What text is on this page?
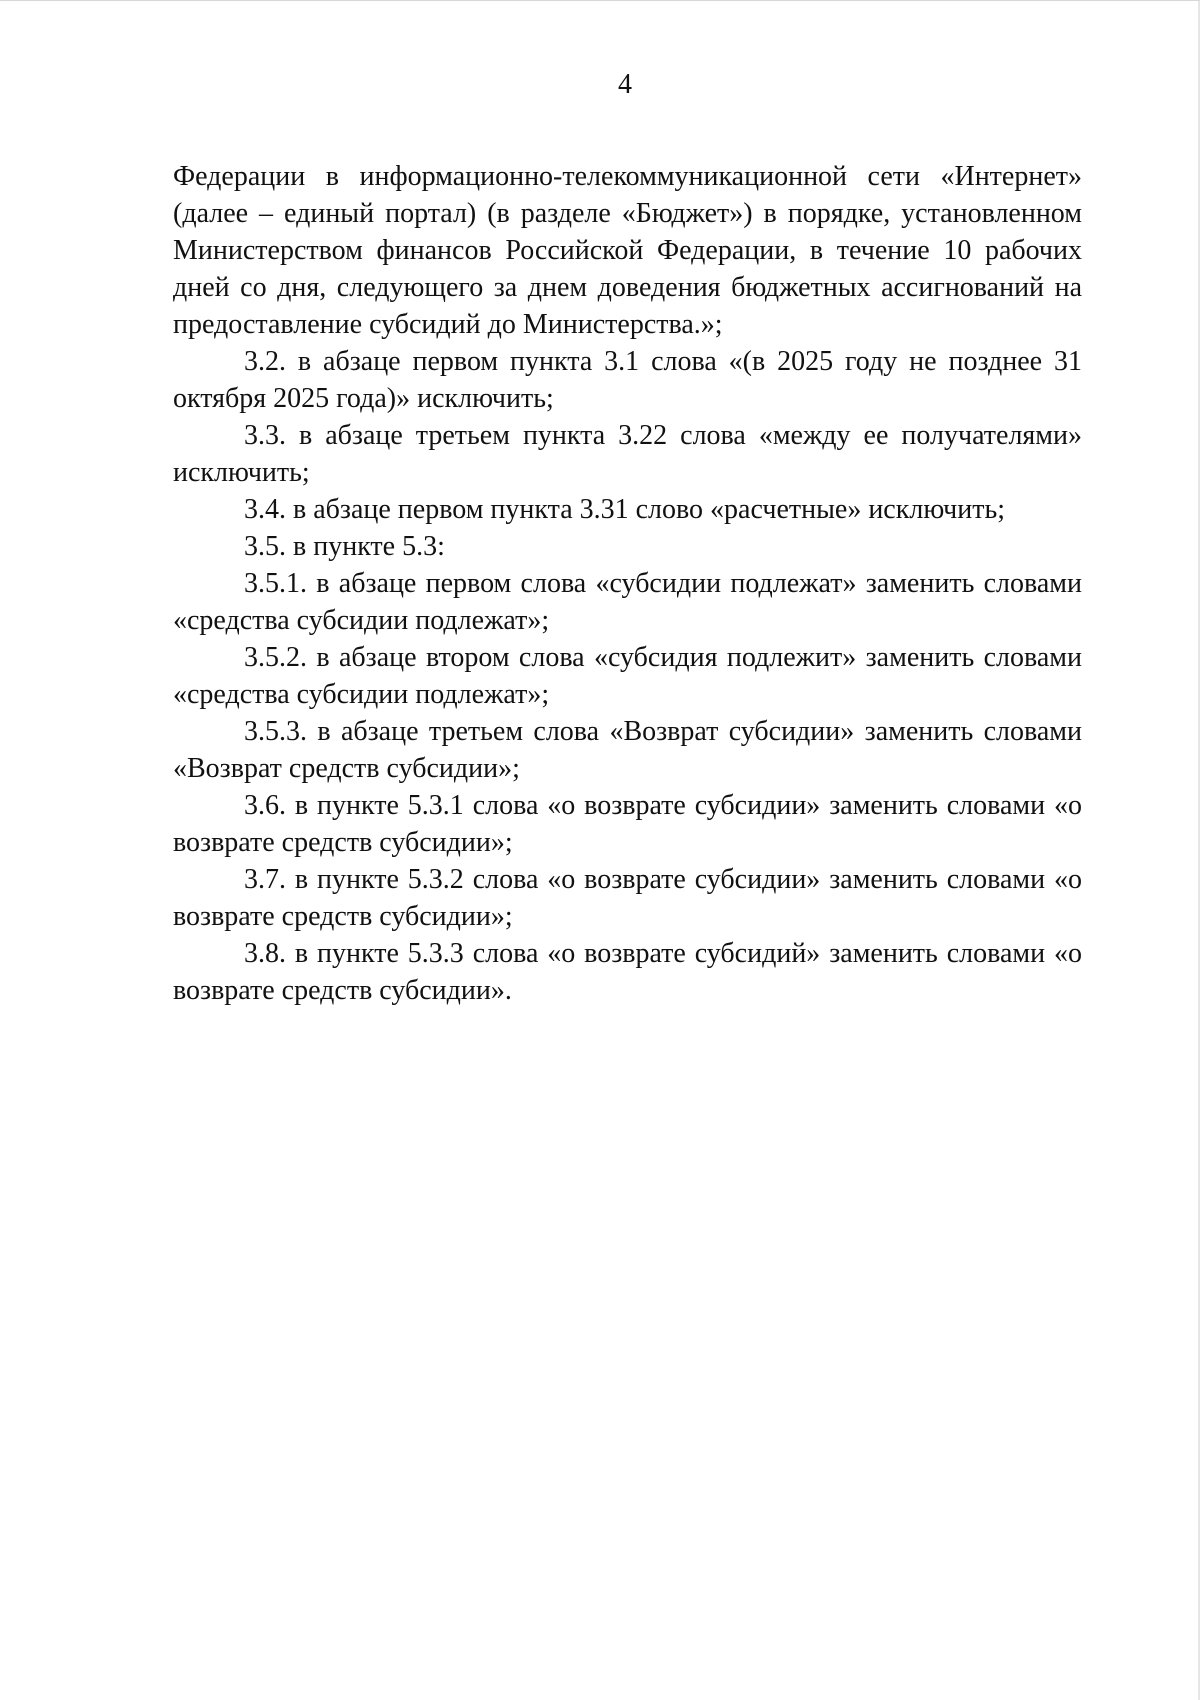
4

Федерации в информационно-телекоммуникационной сети «Интернет» (далее – единый портал) (в разделе «Бюджет») в порядке, установленном Министерством финансов Российской Федерации, в течение 10 рабочих дней со дня, следующего за днем доведения бюджетных ассигнований на предоставление субсидий до Министерства.»;

3.2. в абзаце первом пункта 3.1 слова «(в 2025 году не позднее 31 октября 2025 года)» исключить;

3.3. в абзаце третьем пункта 3.22 слова «между ее получателями» исключить;

3.4. в абзаце первом пункта 3.31 слово «расчетные» исключить;

3.5. в пункте 5.3:

3.5.1. в абзаце первом слова «субсидии подлежат» заменить словами «средства субсидии подлежат»;

3.5.2. в абзаце втором слова «субсидия подлежит» заменить словами «средства субсидии подлежат»;

3.5.3. в абзаце третьем слова «Возврат субсидии» заменить словами «Возврат средств субсидии»;

3.6. в пункте 5.3.1 слова «о возврате субсидии» заменить словами «о возврате средств субсидии»;

3.7. в пункте 5.3.2 слова «о возврате субсидии» заменить словами «о возврате средств субсидии»;

3.8. в пункте 5.3.3 слова «о возврате субсидий» заменить словами «о возврате средств субсидии».
